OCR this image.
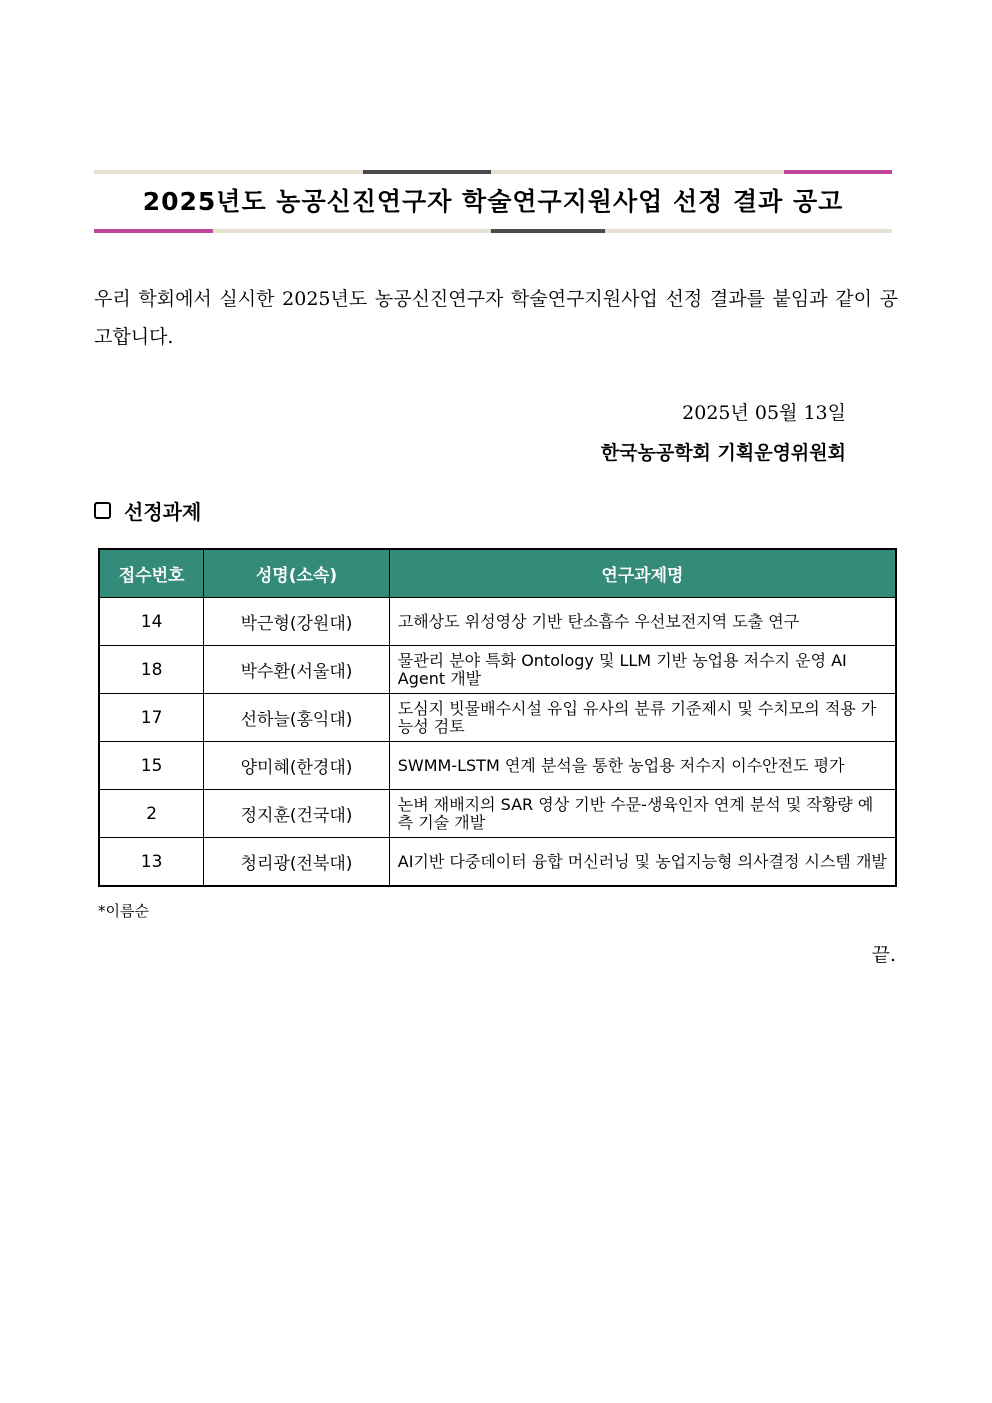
2025년도 농공신진연구자 학술연구지원사업 선정 결과 공고

우리 학회에서 실시한 2025년도 농공신진연구자 학술연구지원사업 선정 결과를 붙임과 같이 공고합니다.

2025년 05월 13일

한국농공학회 기획운영위원회

선정과제
접수번호	성명(소속)	연구과제명
14	박근형(강원대)	고해상도 위성영상 기반 탄소흡수 우선보전지역 도출 연구
18	박수환(서울대)	물관리 분야 특화 Ontology 및 LLM 기반 농업용 저수지 운영 AI Agent 개발
17	선하늘(홍익대)	도심지 빗물배수시설 유입 유사의 분류 기준제시 및 수치모의 적용 가능성 검토
15	양미혜(한경대)	SWMM-LSTM 연계 분석을 통한 농업용 저수지 이수안전도 평가
2	정지훈(건국대)	논벼 재배지의 SAR 영상 기반 수문-생육인자 연계 분석 및 작황량 예측 기술 개발
13	청리광(전북대)	AI기반 다중데이터 융합 머신러닝 및 농업지능형 의사결정 시스템 개발

*이름순

끝.
